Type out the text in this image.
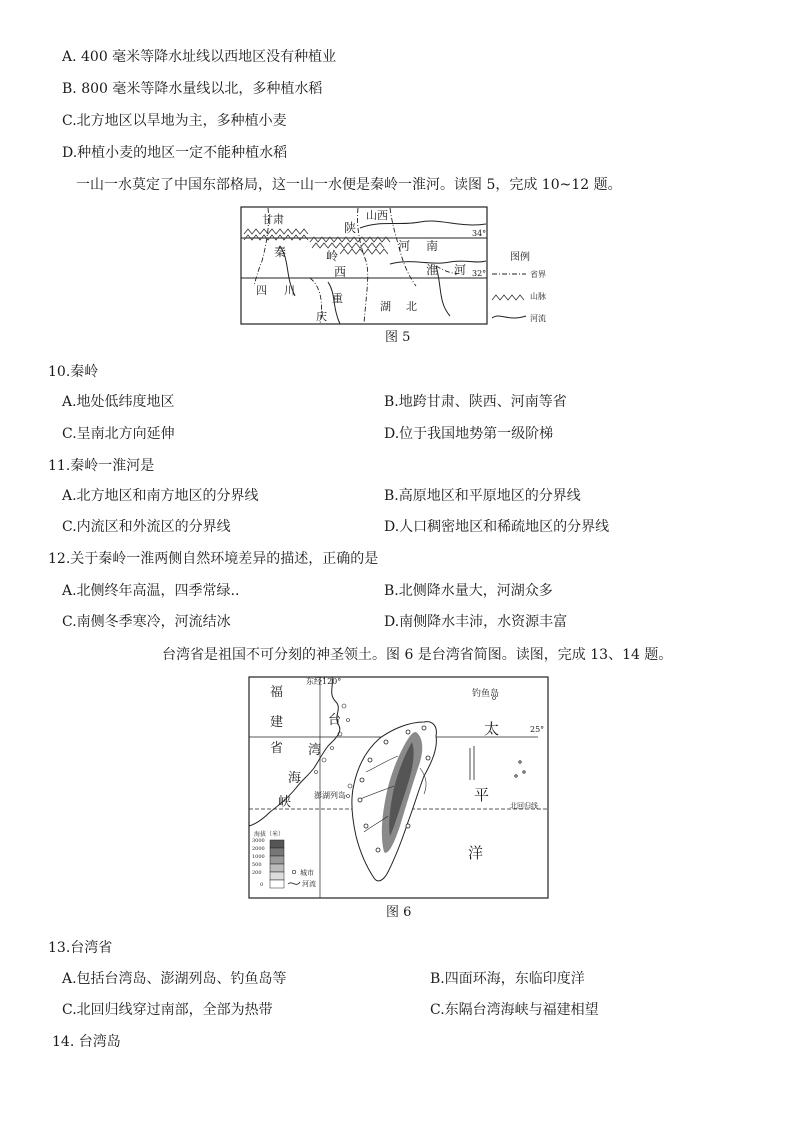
A. 400 毫米等降水址线以西地区没有种植业
B. 800 毫米等降水量线以北，多种植水稻
C.北方地区以旱地为主，多种植小麦
D.种植小麦的地区一定不能种植水稻
一山一水莫定了中国东部格局，这一山一水便是秦岭一淮河。读图 5，完成 10~12 题。
甘肃	山西
陕
秦	岭
西
河 南
淮 河
四 川
重
庆
湖 北
34°
32°
图例
省界
山脉
河流
图 5
10.秦岭
A.地处低纬度地区	B.地跨甘肃、陕西、河南等省
C.呈南北方向延伸	D.位于我国地势第一级阶梯
11.秦岭一淮河是
A.北方地区和南方地区的分界线	B.高原地区和平原地区的分界线
C.内流区和外流区的分界线	D.人口稠密地区和稀疏地区的分界线
12.关于秦岭一淮两侧自然环境差异的描述，正确的是
A.北侧终年高温，四季常绿..	B.北侧降水量大，河湖众多
C.南侧冬季寒冷，河流结冰	D.南侧降水丰沛，水资源丰富
台湾省是祖国不可分刻的神圣领土。图 6 是台湾省简图。读图，完成 13、14 题。
东经120°
钓鱼岛
福
建
省
台
湾
海
峡	澎湖列岛
太
平
洋
25°
北回归线
海拔（米）
3000
2000
1000
500
200
0
城市
河流
图 6
13.台湾省
A.包括台湾岛、澎湖列岛、钓鱼岛等	B.四面环海，东临印度洋
C.北回归线穿过南部，全部为热带	C.东隔台湾海峡与福建相望
14. 台湾岛
